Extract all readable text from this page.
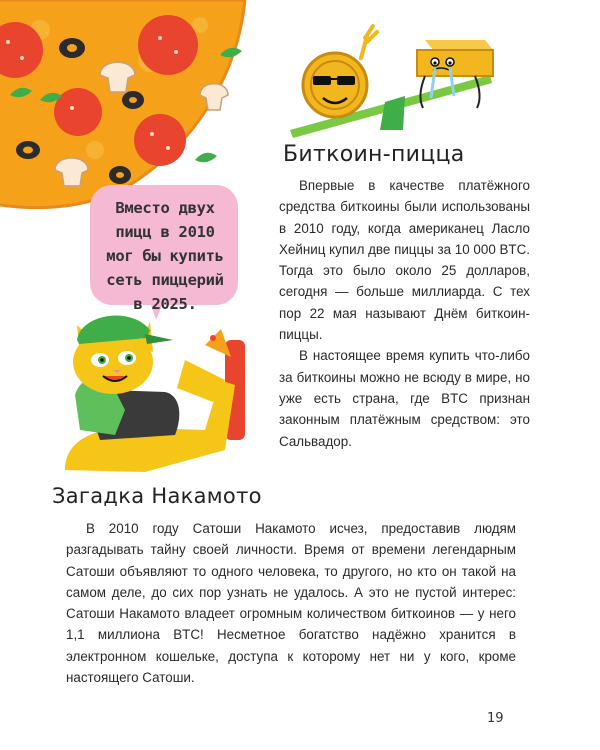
Вместо двух
пицц в 2010
мог бы купить
сеть пиццерий
в 2025.
Биткоин-пицца
Загадка Накамото

Впервые в качестве платёжного средства биткоины были использованы в 2010 году, когда американец Ласло Хейниц купил две пиццы за 10 000 BTC. Тогда это было около 25 долларов, сегодня — больше миллиарда. С тех пор 22 мая называют Днём биткоин-пиццы.

В настоящее время купить что-либо за биткоины можно не всюду в мире, но уже есть страна, где BTC признан законным платёжным средством: это Сальвадор.

В 2010 году Сатоши Накамото исчез, предоставив людям разгадывать тайну своей личности. Время от времени легендарным Сатоши объявляют то одного человека, то другого, но кто он такой на самом деле, до сих пор узнать не удалось. А это не пустой интерес: Сатоши Накамото владеет огромным количеством биткоинов — у него 1,1 миллиона BTC! Несметное богатство надёжно хранится в электронном кошельке, доступа к которому нет ни у кого, кроме настоящего Сатоши.

19
